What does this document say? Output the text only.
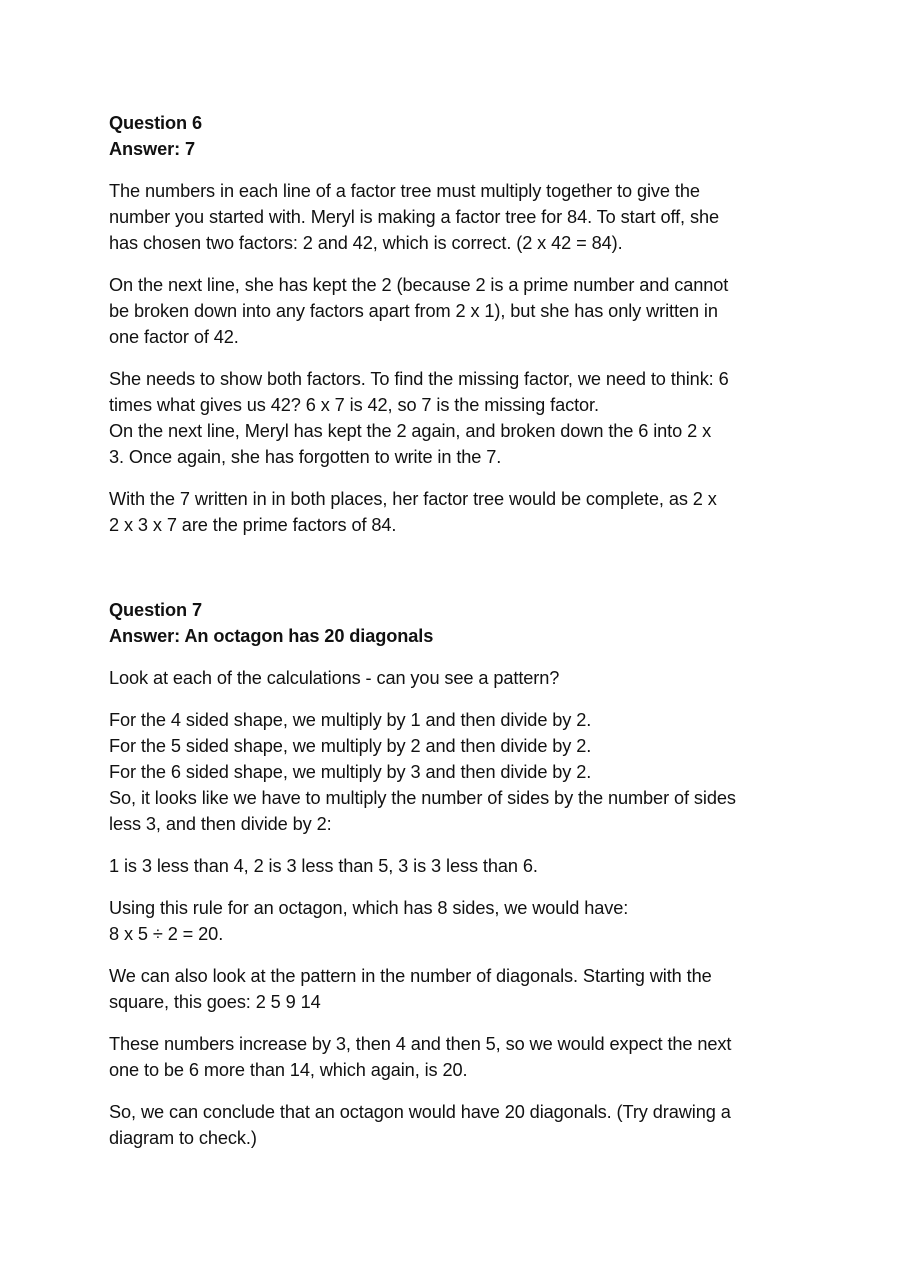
Question 6

Answer: 7

The numbers in each line of a factor tree must multiply together to give the
number you started with. Meryl is making a factor tree for 84. To start off, she
has chosen two factors: 2 and 42, which is correct. (2 x 42 = 84).

On the next line, she has kept the 2 (because 2 is a prime number and cannot
be broken down into any factors apart from 2 x 1), but she has only written in
one factor of 42.

She needs to show both factors. To find the missing factor, we need to think: 6
times what gives us 42? 6 x 7 is 42, so 7 is the missing factor.
On the next line, Meryl has kept the 2 again, and broken down the 6 into 2 x
3. Once again, she has forgotten to write in the 7.

With the 7 written in in both places, her factor tree would be complete, as 2 x
2 x 3 x 7 are the prime factors of 84.

Question 7

Answer: An octagon has 20 diagonals

Look at each of the calculations - can you see a pattern?

For the 4 sided shape, we multiply by 1 and then divide by 2.
For the 5 sided shape, we multiply by 2 and then divide by 2.
For the 6 sided shape, we multiply by 3 and then divide by 2.
So, it looks like we have to multiply the number of sides by the number of sides
less 3, and then divide by 2:

1 is 3 less than 4, 2 is 3 less than 5, 3 is 3 less than 6.

Using this rule for an octagon, which has 8 sides, we would have:
8 x 5 ÷ 2 = 20.

We can also look at the pattern in the number of diagonals. Starting with the
square, this goes: 2 5 9 14

These numbers increase by 3, then 4 and then 5, so we would expect the next
one to be 6 more than 14, which again, is 20.

So, we can conclude that an octagon would have 20 diagonals. (Try drawing a
diagram to check.)
